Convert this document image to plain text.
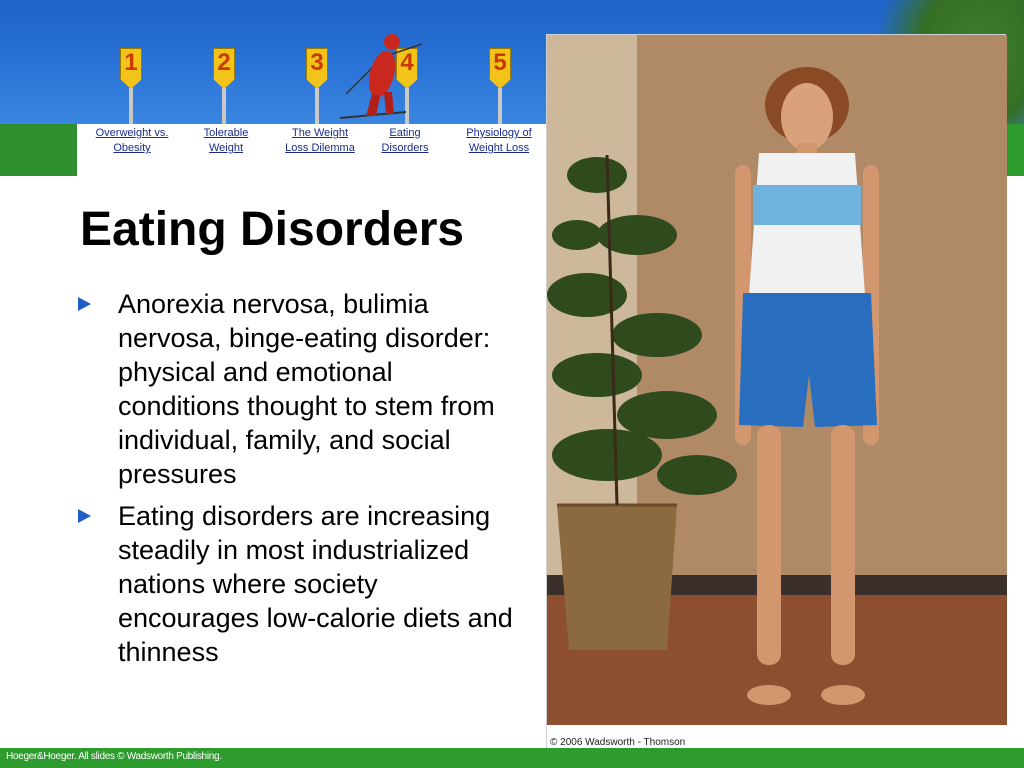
1	2	3	4	5
Overweight vs.
Obesity
Tolerable
Weight
The Weight
Loss Dilemma
Eating
Disorders
Physiology of
Weight Loss
Eating Disorders
Anorexia nervosa, bulimia nervosa, binge-eating disorder: physical and emotional conditions thought to stem from individual, family, and social pressures
Eating disorders are increasing steadily in most industrialized nations where society encourages low-calorie diets and thinness
© 2006 Wadsworth - Thomson
Hoeger&Hoeger. All slides © Wadsworth Publishing.
